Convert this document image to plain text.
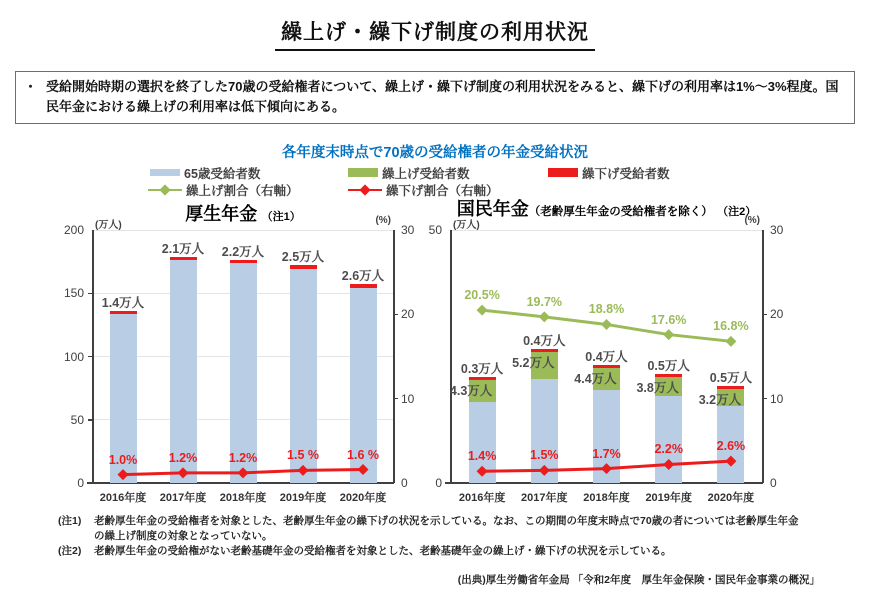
繰上げ・繰下げ制度の利用状況
・ 受給開始時期の選択を終了した70歳の受給権者について、繰上げ・繰下げ制度の利用状況をみると、繰下げの利用率は1%～3%程度。国民年金における繰上げの利用率は低下傾向にある。
各年度末時点で70歳の受給権者の年金受給状況
65歳受給者数	繰上げ受給者数	繰下げ受給者数
繰上げ割合（右軸）	繰下げ割合（右軸）
厚生年金 （注1）
200
150
100
50
0
30
20
10
0
(万人)	(%)
2016年度	2017年度	2018年度	2019年度	2020年度
1.4万人
2.1万人	2.2万人	2.5万人
2.6万人
1.0%	1.2%	1.2%	1.5 %	1.6 %
国民年金（老齢厚生年金の受給権者を除く） （注2）
50
0
30
20
10
0
(万人)	(%)
2016年度	2017年度	2018年度	2019年度	2020年度
4.3万人
0.3万人 5.2万人
0.4万人
4.4万人
0.4万人
3.8万人
0.5万人
3.2万人
0.5万人
20.5%	19.7%
18.8%
17.6%	16.8%
1.4%	1.5%	1.7%	2.2%	2.6%
(注1)	老齢厚生年金の受給権者を対象とした、老齢厚生年金の繰下げの状況を示している。なお、この期間の年度末時点で70歳の者については老齢厚生年金の繰上げ制度の対象となっていない。
(注2)	老齢厚生年金の受給権がない老齢基礎年金の受給権者を対象とした、老齢基礎年金の繰上げ・繰下げの状況を示している。
(出典)厚生労働省年金局 「令和2年度　厚生年金保険・国民年金事業の概況」
